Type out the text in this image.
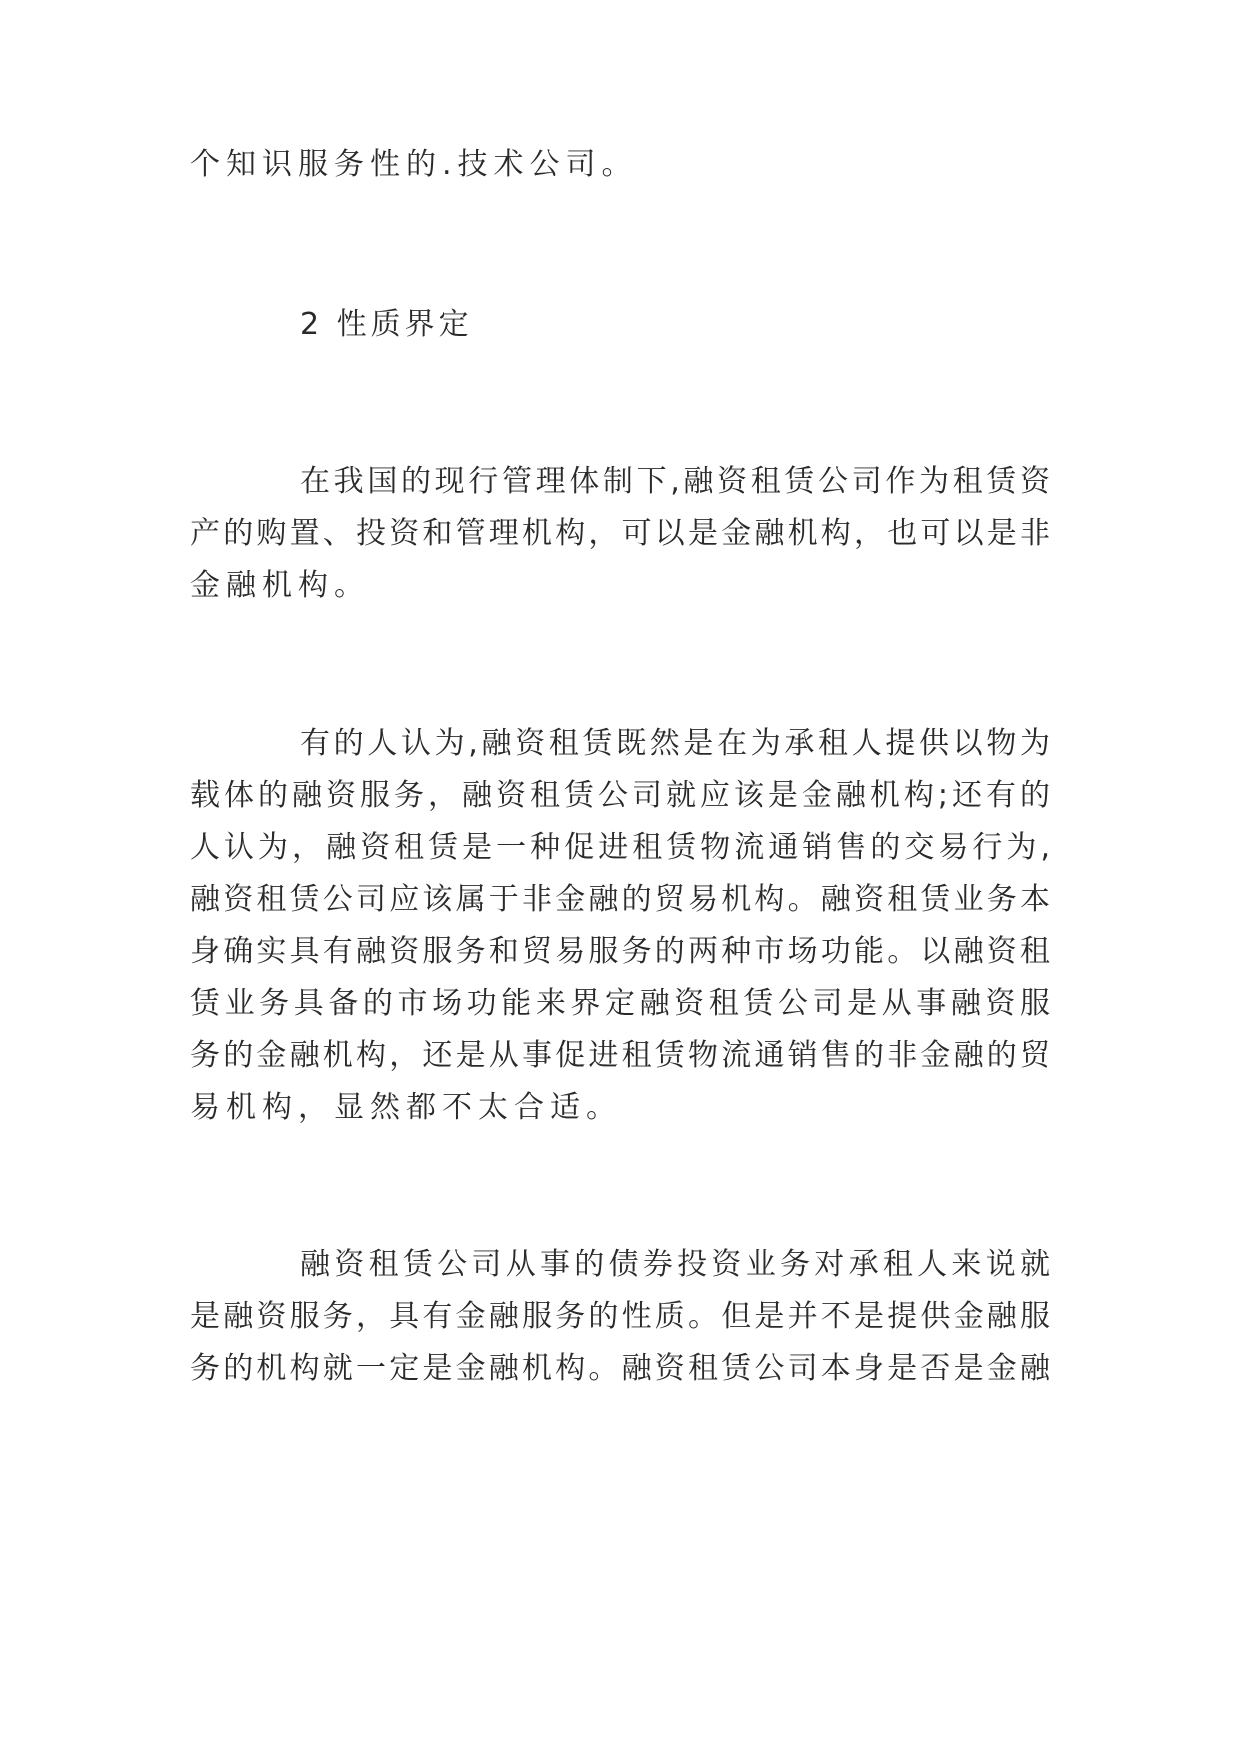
个知识服务性的.技术公司。
2 性质界定
在我国的现行管理体制下,融资租赁公司作为租赁资
产的购置、投资和管理机构，可以是金融机构，也可以是非
金融机构。
有的人认为,融资租赁既然是在为承租人提供以物为
载体的融资服务，融资租赁公司就应该是金融机构;还有的
人认为，融资租赁是一种促进租赁物流通销售的交易行为,
融资租赁公司应该属于非金融的贸易机构。融资租赁业务本
身确实具有融资服务和贸易服务的两种市场功能。以融资租
赁业务具备的市场功能来界定融资租赁公司是从事融资服
务的金融机构，还是从事促进租赁物流通销售的非金融的贸
易机构，显然都不太合适。
融资租赁公司从事的债券投资业务对承租人来说就
是融资服务，具有金融服务的性质。但是并不是提供金融服
务的机构就一定是金融机构。融资租赁公司本身是否是金融
